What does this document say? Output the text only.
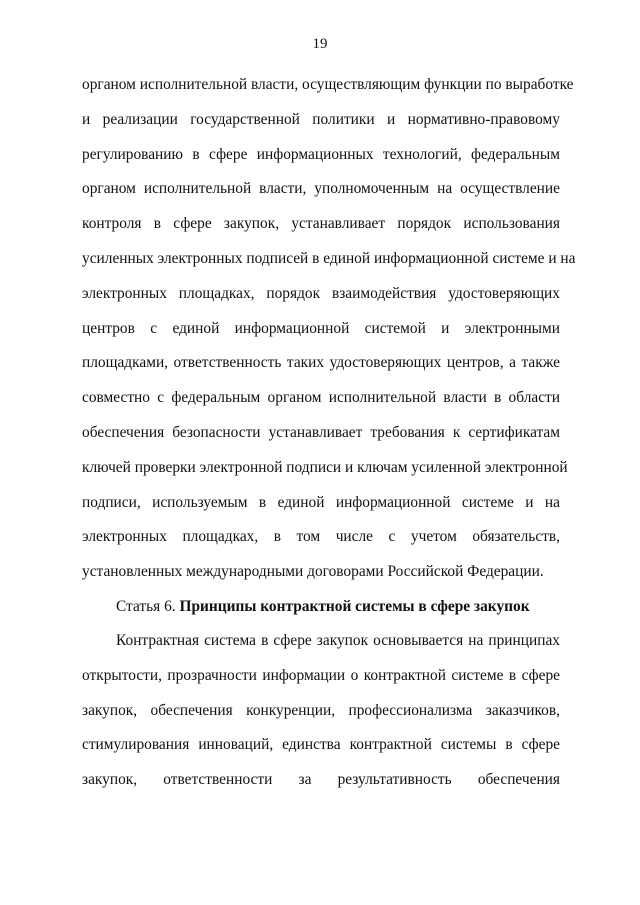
19
органом исполнительной власти, осуществляющим функции по выработке
и реализации государственной политики и нормативно-правовому
регулированию в сфере информационных технологий, федеральным
органом исполнительной власти, уполномоченным на осуществление
контроля в сфере закупок, устанавливает порядок использования
усиленных электронных подписей в единой информационной системе и на
электронных площадках, порядок взаимодействия удостоверяющих
центров с единой информационной системой и электронными
площадками, ответственность таких удостоверяющих центров, а также
совместно с федеральным органом исполнительной власти в области
обеспечения безопасности устанавливает требования к сертификатам
ключей проверки электронной подписи и ключам усиленной электронной
подписи, используемым в единой информационной системе и на
электронных площадках, в том числе с учетом обязательств,
установленных международными договорами Российской Федерации.
Статья 6. Принципы контрактной системы в сфере закупок
Контрактная система в сфере закупок основывается на принципах
открытости, прозрачности информации о контрактной системе в сфере
закупок, обеспечения конкуренции, профессионализма заказчиков,
стимулирования инноваций, единства контрактной системы в сфере
закупок, ответственности за результативность обеспечения
